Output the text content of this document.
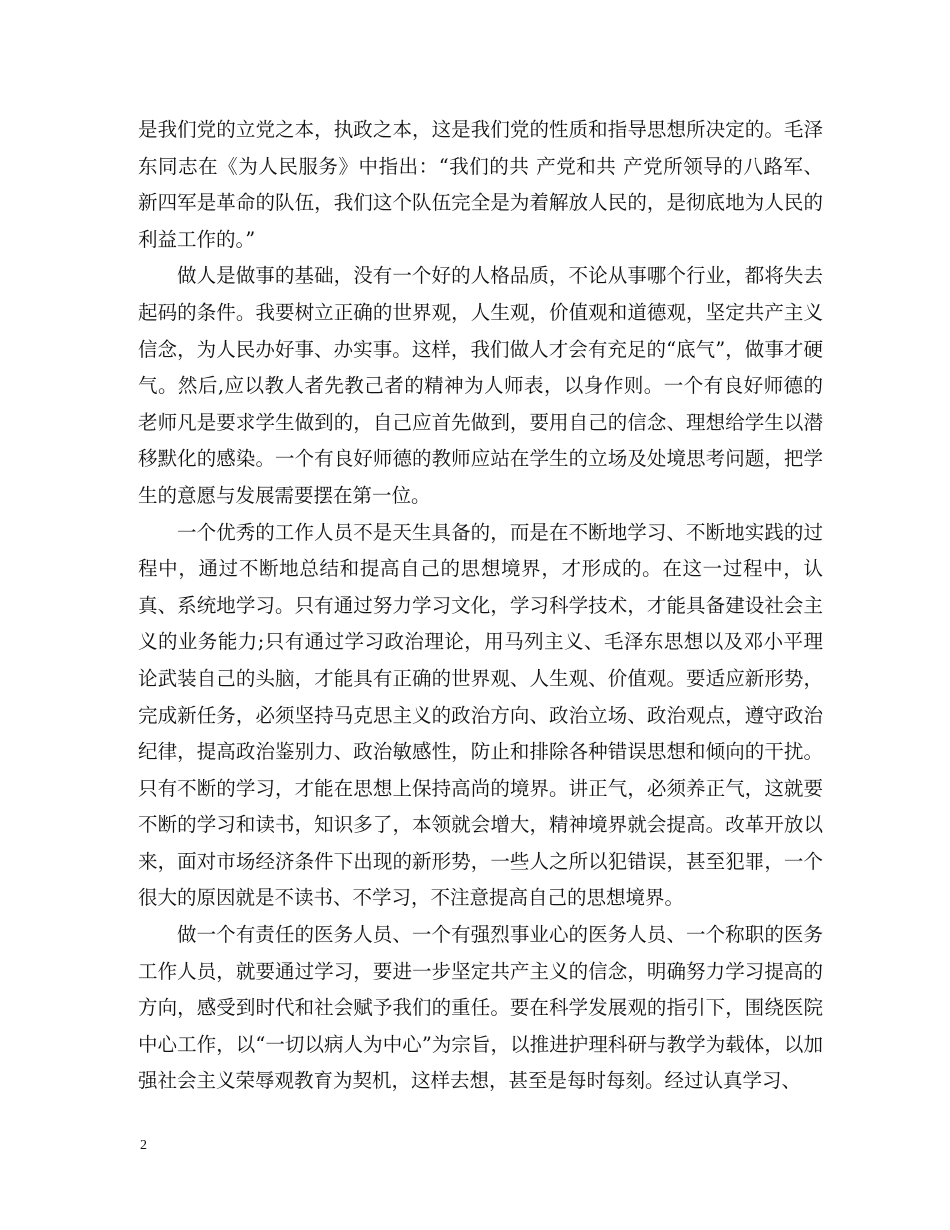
是我们党的立党之本，执政之本，这是我们党的性质和指导思想所决定的。毛泽东同志在《为人民服务》中指出：“我们的共 产党和共 产党所领导的八路军、新四军是革命的队伍，我们这个队伍完全是为着解放人民的，是彻底地为人民的利益工作的。”

做人是做事的基础，没有一个好的人格品质，不论从事哪个行业，都将失去起码的条件。我要树立正确的世界观，人生观，价值观和道德观，坚定共产主义信念，为人民办好事、办实事。这样，我们做人才会有充足的“底气”，做事才硬气。然后,应以教人者先教己者的精神为人师表，以身作则。一个有良好师德的老师凡是要求学生做到的，自己应首先做到，要用自己的信念、理想给学生以潜移默化的感染。一个有良好师德的教师应站在学生的立场及处境思考问题，把学生的意愿与发展需要摆在第一位。

一个优秀的工作人员不是天生具备的，而是在不断地学习、不断地实践的过程中，通过不断地总结和提高自己的思想境界，才形成的。在这一过程中，认真、系统地学习。只有通过努力学习文化，学习科学技术，才能具备建设社会主义的业务能力;只有通过学习政治理论，用马列主义、毛泽东思想以及邓小平理论武装自己的头脑，才能具有正确的世界观、人生观、价值观。要适应新形势，完成新任务，必须坚持马克思主义的政治方向、政治立场、政治观点，遵守政治纪律，提高政治鉴别力、政治敏感性，防止和排除各种错误思想和倾向的干扰。只有不断的学习，才能在思想上保持高尚的境界。讲正气，必须养正气，这就要不断的学习和读书，知识多了，本领就会增大，精神境界就会提高。改革开放以来，面对市场经济条件下出现的新形势，一些人之所以犯错误，甚至犯罪，一个很大的原因就是不读书、不学习，不注意提高自己的思想境界。

做一个有责任的医务人员、一个有强烈事业心的医务人员、一个称职的医务工作人员，就要通过学习，要进一步坚定共产主义的信念，明确努力学习提高的方向，感受到时代和社会赋予我们的重任。要在科学发展观的指引下，围绕医院中心工作，以“一切以病人为中心”为宗旨，以推进护理科研与教学为载体，以加强社会主义荣辱观教育为契机，这样去想，甚至是每时每刻。经过认真学习、

2
